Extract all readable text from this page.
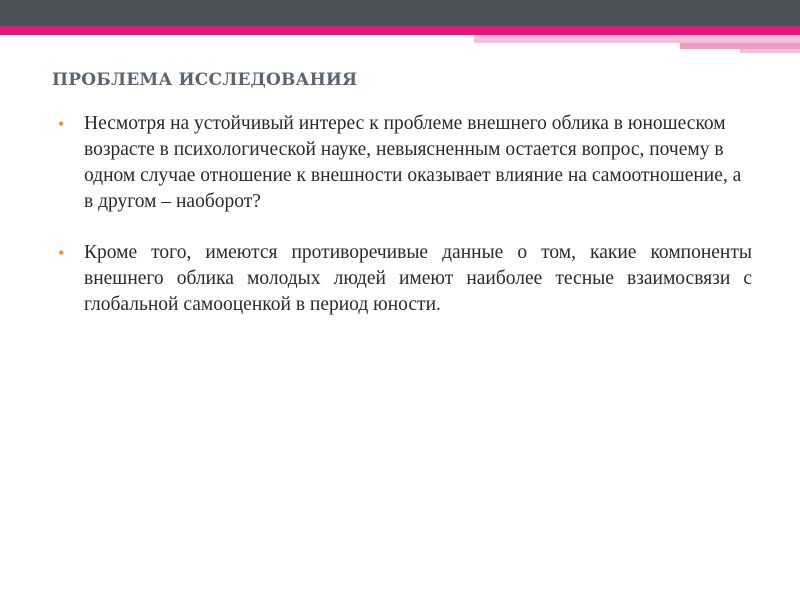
ПРОБЛЕМА ИССЛЕДОВАНИЯ
•	Несмотря на устойчивый интерес к проблеме внешнего облика в юношеском возрасте в психологической науке, невыясненным остается вопрос, почему в одном случае отношение к внешности оказывает влияние на самоотношение, а в другом – наоборот?
•	Кроме того, имеются противоречивые данные о том, какие компоненты внешнего облика молодых людей имеют наиболее тесные взаимосвязи с глобальной самооценкой в период юности.
